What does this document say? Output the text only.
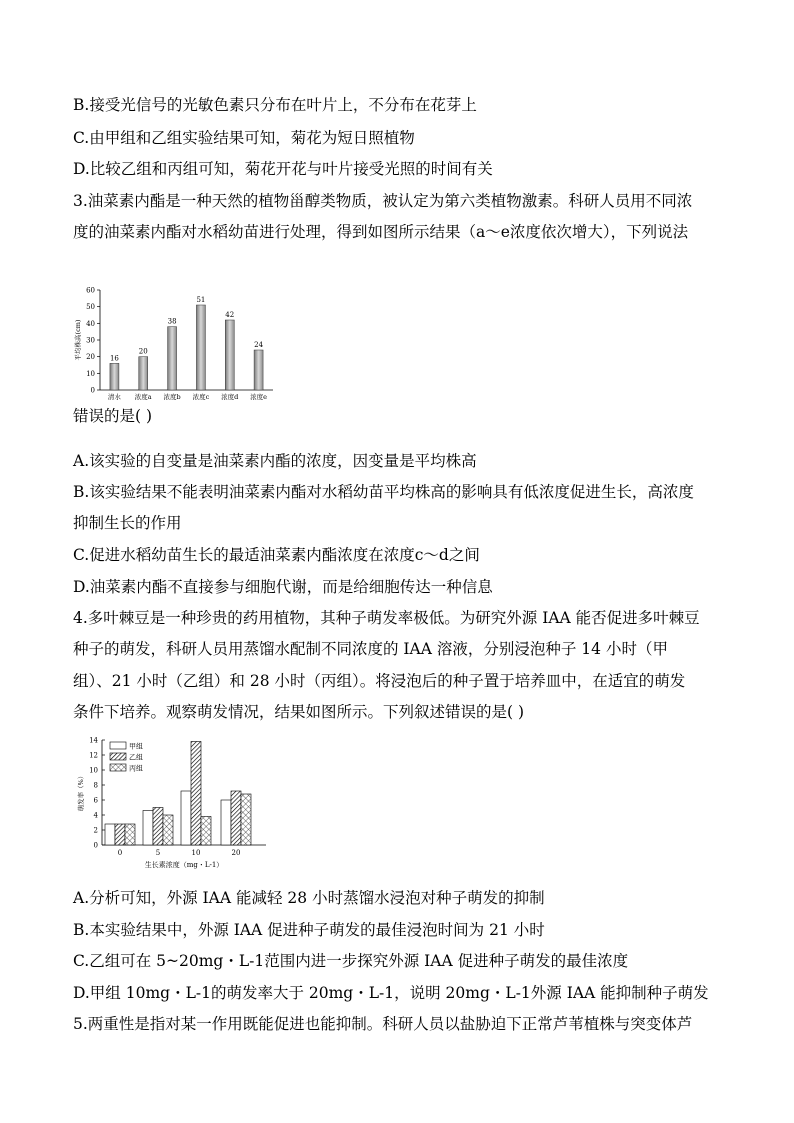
B.接受光信号的光敏色素只分布在叶片上，不分布在花芽上
C.由甲组和乙组实验结果可知，菊花为短日照植物
D.比较乙组和丙组可知，菊花开花与叶片接受光照的时间有关
3.油菜素内酯是一种天然的植物甾醇类物质，被认定为第六类植物激素。科研人员用不同浓
度的油菜素内酯对水稻幼苗进行处理，得到如图所示结果（a～e浓度依次增大），下列说法
0
10
20
30
40
50
60
平均株高(cm)	16
清水
20
浓度a
38
浓度b
51
浓度c
42
浓度d
24
浓度e
错误的是( )
A.该实验的自变量是油菜素内酯的浓度，因变量是平均株高
B.该实验结果不能表明油菜素内酯对水稻幼苗平均株高的影响具有低浓度促进生长，高浓度
抑制生长的作用
C.促进水稻幼苗生长的最适油菜素内酯浓度在浓度c～d之间
D.油菜素内酯不直接参与细胞代谢，而是给细胞传达一种信息
4.多叶棘豆是一种珍贵的药用植物，其种子萌发率极低。为研究外源 IAA 能否促进多叶棘豆
种子的萌发，科研人员用蒸馏水配制不同浓度的 IAA 溶液，分别浸泡种子 14 小时（甲
组）、21 小时（乙组）和 28 小时（丙组）。将浸泡后的种子置于培养皿中，在适宜的萌发
条件下培养。观察萌发情况，结果如图所示。下列叙述错误的是( )
0
2
4
6
8
10
12
14
萌发率（%）
生长素浓度（mg・L-1）
0	5	10	20
甲组
乙组
丙组
A.分析可知，外源 IAA 能减轻 28 小时蒸馏水浸泡对种子萌发的抑制
B.本实验结果中，外源 IAA 促进种子萌发的最佳浸泡时间为 21 小时
C.乙组可在 5~20mg・L-1范围内进一步探究外源 IAA 促进种子萌发的最佳浓度
D.甲组 10mg・L-1的萌发率大于 20mg・L-1，说明 20mg・L-1外源 IAA 能抑制种子萌发
5.两重性是指对某一作用既能促进也能抑制。科研人员以盐胁迫下正常芦苇植株与突变体芦
